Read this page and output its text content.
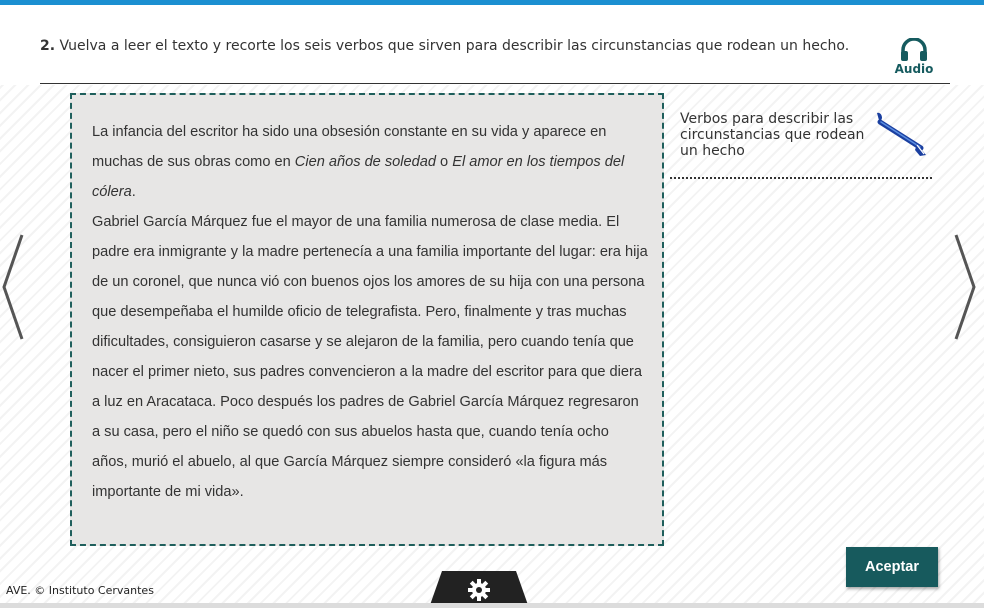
2. Vuelva a leer el texto y recorte los seis verbos que sirven para describir las circunstancias que rodean un hecho.
Audio

La infancia del escritor ha sido una obsesión constante en su vida y aparece en muchas de sus obras como en Cien años de soledad o El amor en los tiempos del cólera.

Gabriel García Márquez fue el mayor de una familia numerosa de clase media. El padre era inmigrante y la madre pertenecía a una familia importante del lugar: era hija de un coronel, que nunca vió con buenos ojos los amores de su hija con una persona que desempeñaba el humilde oficio de telegrafista. Pero, finalmente y tras muchas dificultades, consiguieron casarse y se alejaron de la familia, pero cuando tenía que nacer el primer nieto, sus padres convencieron a la madre del escritor para que diera a luz en Aracataca. Poco después los padres de Gabriel García Márquez regresaron a su casa, pero el niño se quedó con sus abuelos hasta que, cuando tenía ocho años, murió el abuelo, al que García Márquez siempre consideró «la figura más importante de mi vida».

Verbos para describir las circunstancias que rodean un hecho
Aceptar
AVE. © Instituto Cervantes
